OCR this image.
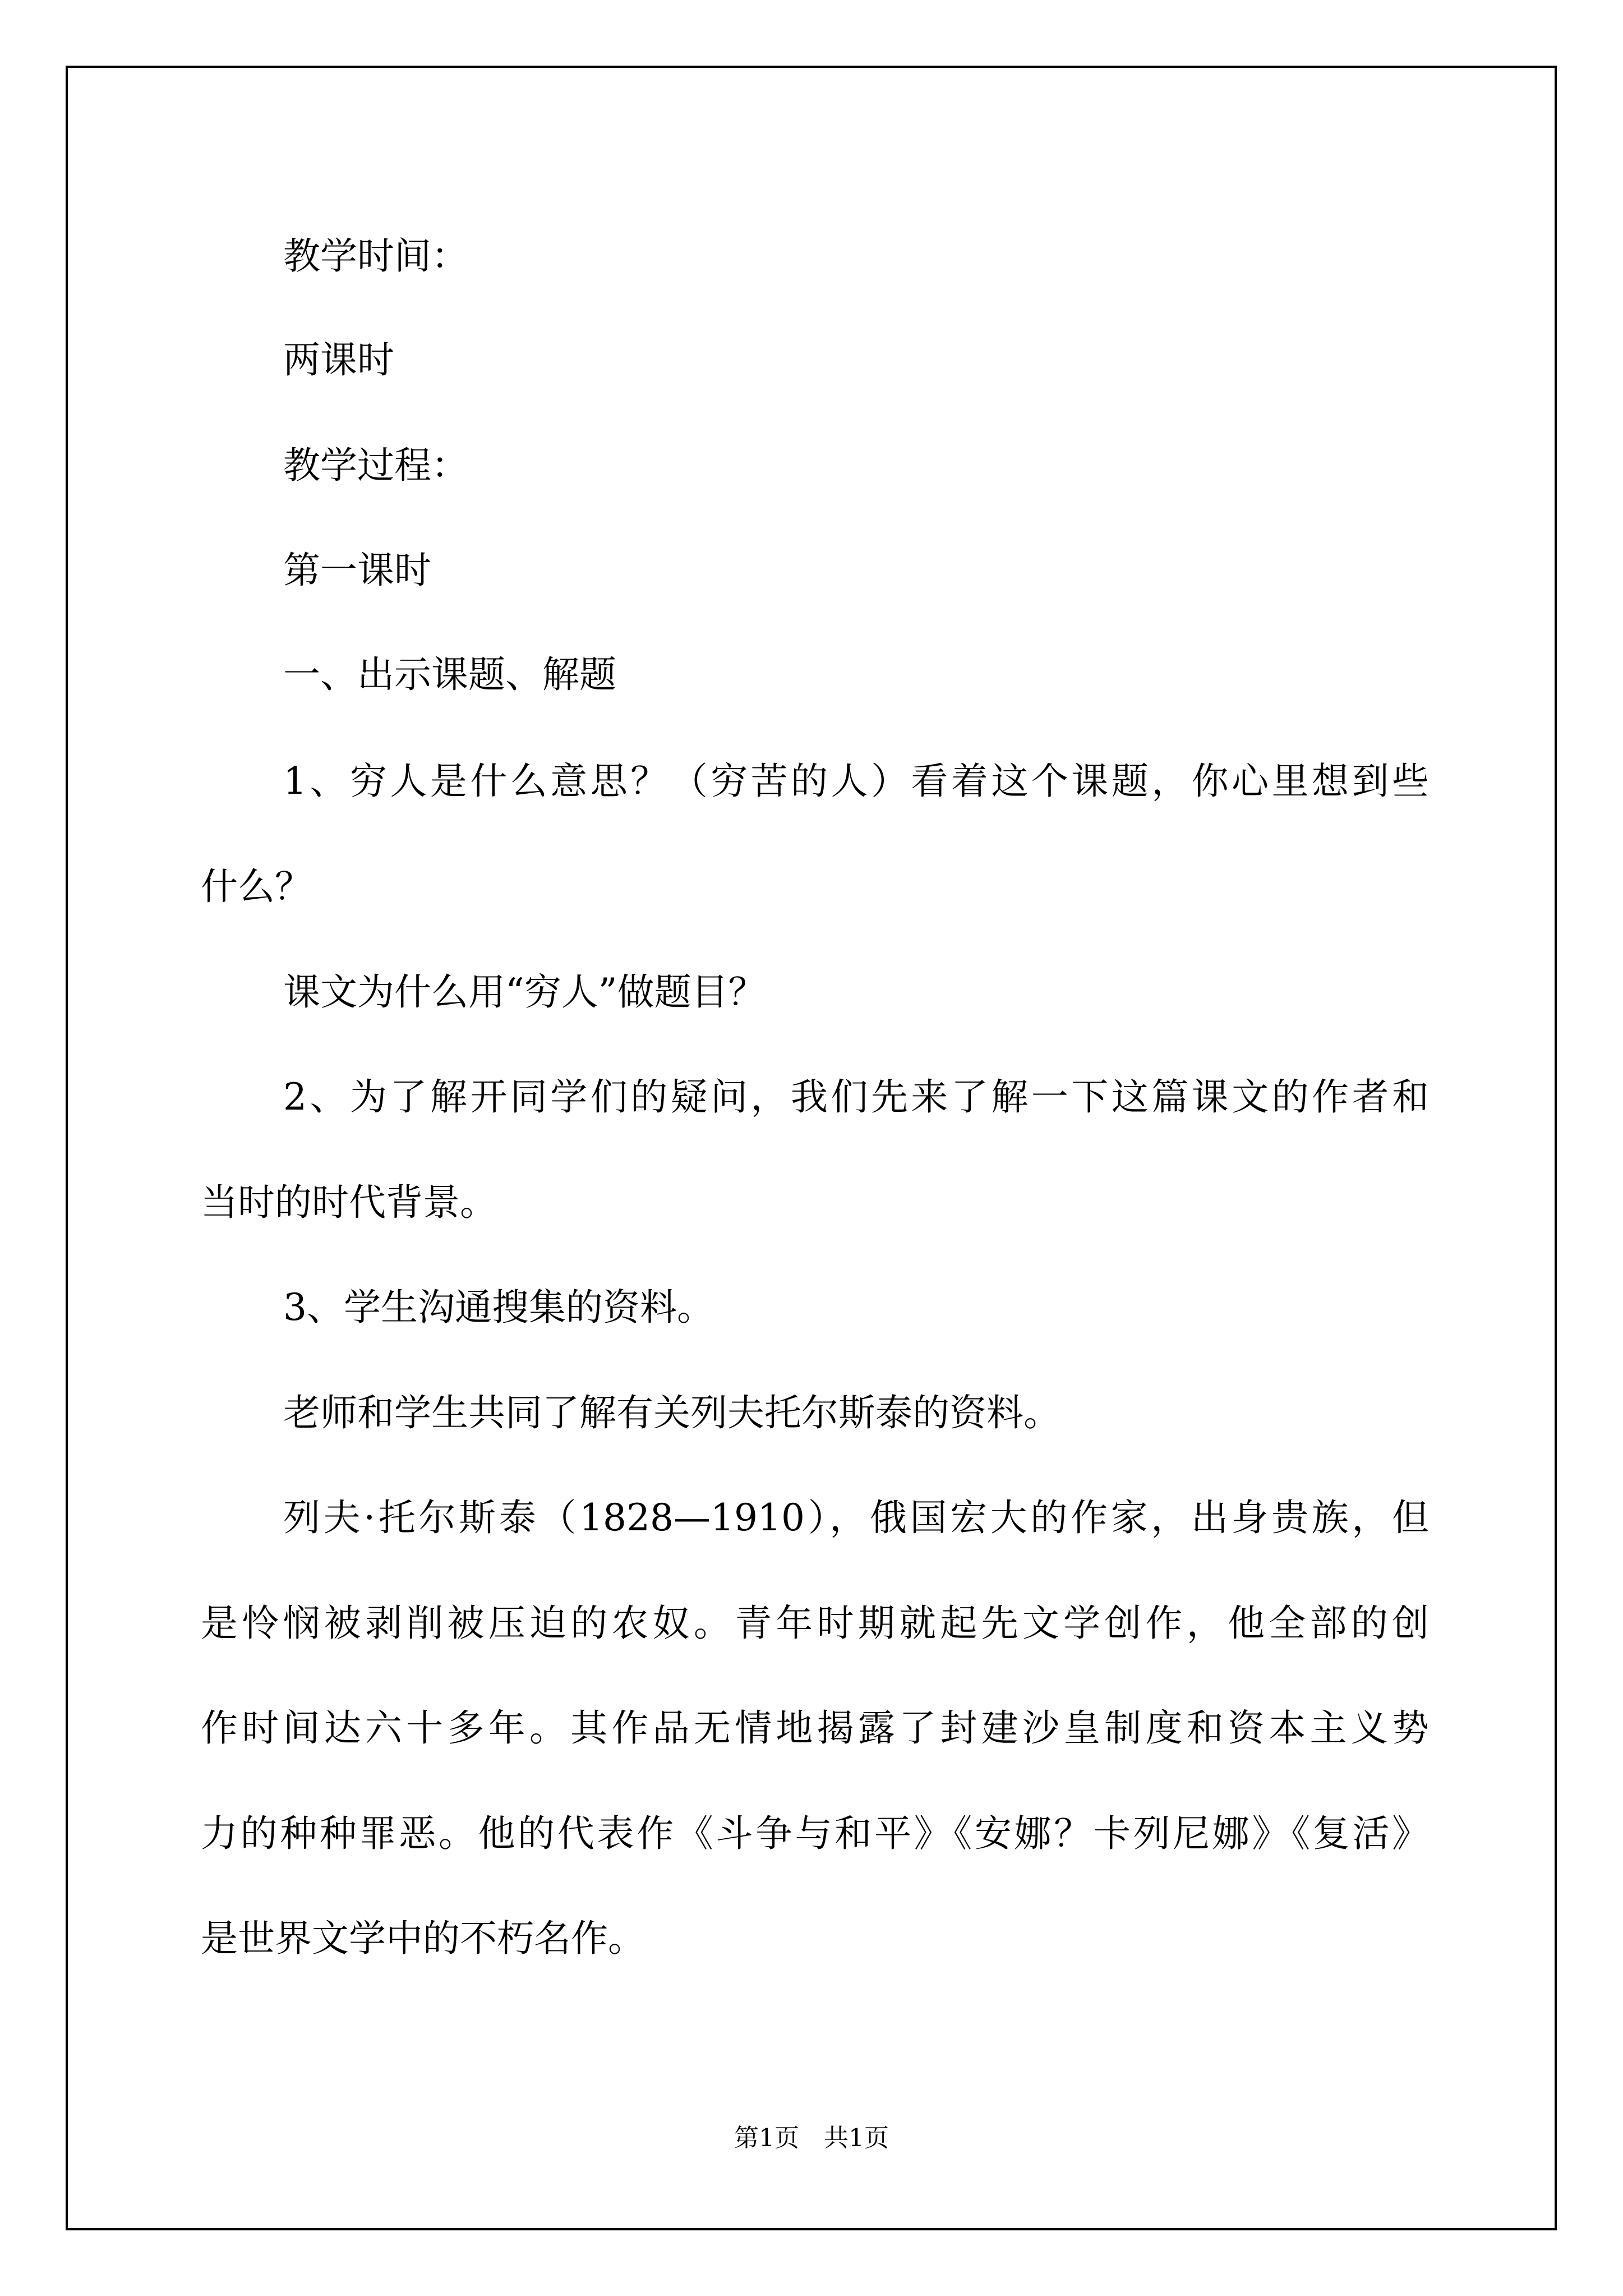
教学时间：

两课时

教学过程：

第一课时

一、出示课题、解题

1、穷人是什么意思？（穷苦的人）看着这个课题，你心里想到些

什么？

课文为什么用“穷人”做题目？

2、为了解开同学们的疑问，我们先来了解一下这篇课文的作者和

当时的时代背景。

3、学生沟通搜集的资料。

老师和学生共同了解有关列夫托尔斯泰的资料。

列夫·托尔斯泰（1828—1910），俄国宏大的作家，出身贵族，但

是怜悯被剥削被压迫的农奴。青年时期就起先文学创作，他全部的创

作时间达六十多年。其作品无情地揭露了封建沙皇制度和资本主义势

力的种种罪恶。他的代表作《斗争与和平》《安娜？卡列尼娜》《复活》

是世界文学中的不朽名作。

第1页　共1页
